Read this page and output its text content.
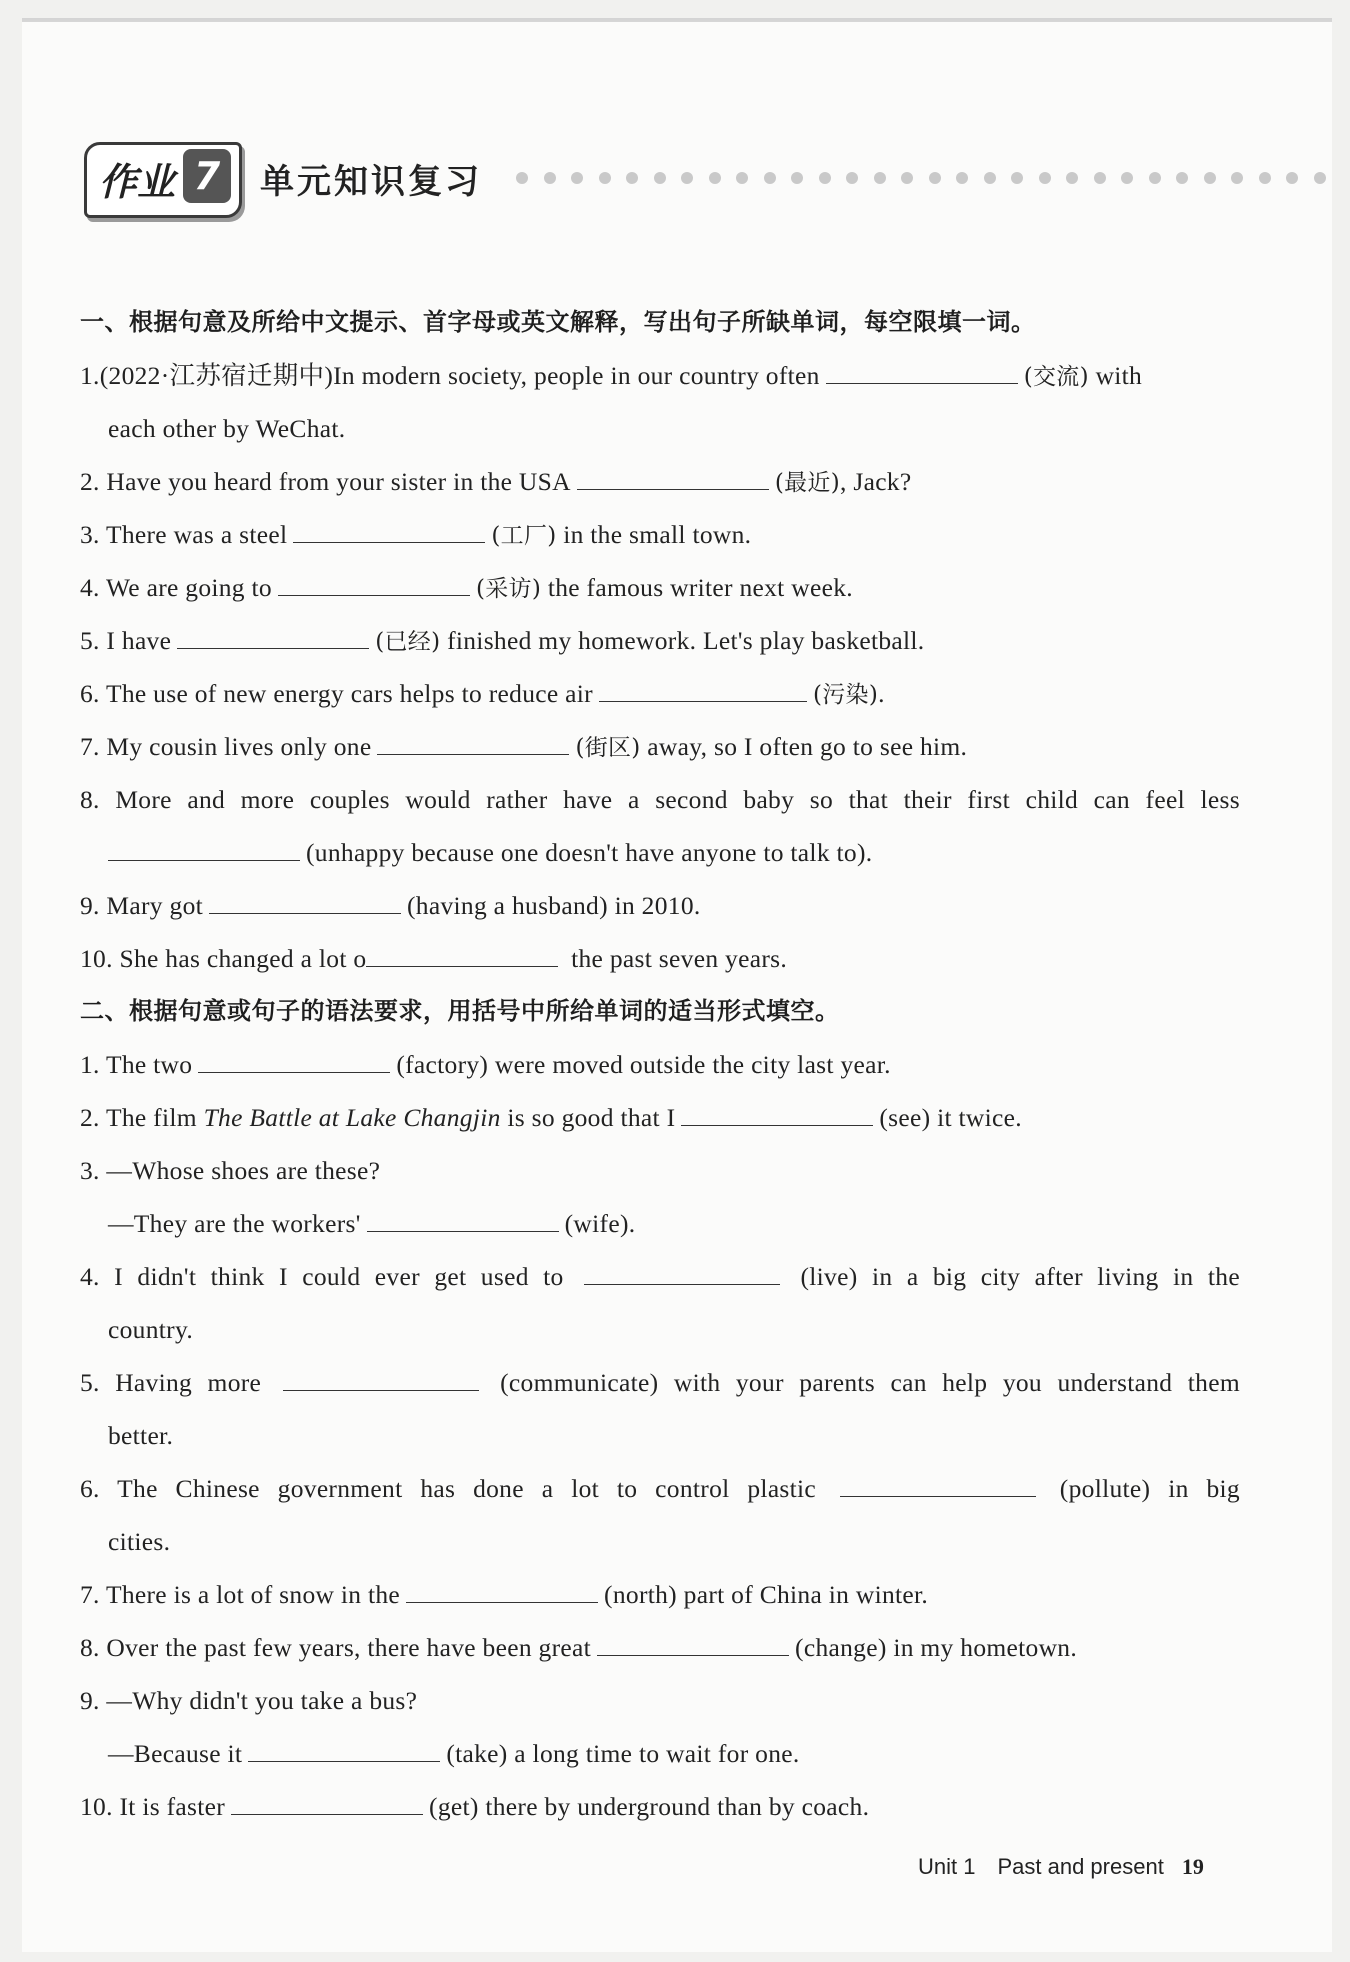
作业 7	单元知识复习
一、根据句意及所给中文提示、首字母或英文解释，写出句子所缺单词，每空限填一词。
1.(2022·江苏宿迁期中)In modern society, people in our country often	(交流) with
each other by WeChat.
2. Have you heard from your sister in the USA	(最近), Jack?
3. There was a steel	(工厂) in the small town.
4. We are going to	(采访) the famous writer next week.
5. I have	(已经) finished my homework. Let's play basketball.
6. The use of new energy cars helps to reduce air	(污染).
7. My cousin lives only one	(街区) away, so I often go to see him.
8. More and more couples would rather have a second baby so that their first child can feel less
(unhappy because one doesn't have anyone to talk to).
9. Mary got	(having a husband) in 2010.
10. She has changed a lot o	the past seven years.
二、根据句意或句子的语法要求，用括号中所给单词的适当形式填空。
1. The two	(factory) were moved outside the city last year.
2. The film The Battle at Lake Changjin is so good that I	(see) it twice.
3. —Whose shoes are these?
—They are the workers'	(wife).
4. I didn't think I could ever get used to	(live) in a big city after living in the
country.
5. Having more	(communicate) with your parents can help you understand them
better.
6. The Chinese government has done a lot to control plastic	(pollute) in big
cities.
7. There is a lot of snow in the	(north) part of China in winter.
8. Over the past few years, there have been great	(change) in my hometown.
9. —Why didn't you take a bus?
—Because it	(take) a long time to wait for one.
10. It is faster	(get) there by underground than by coach.
Unit 1 Past and present 19
